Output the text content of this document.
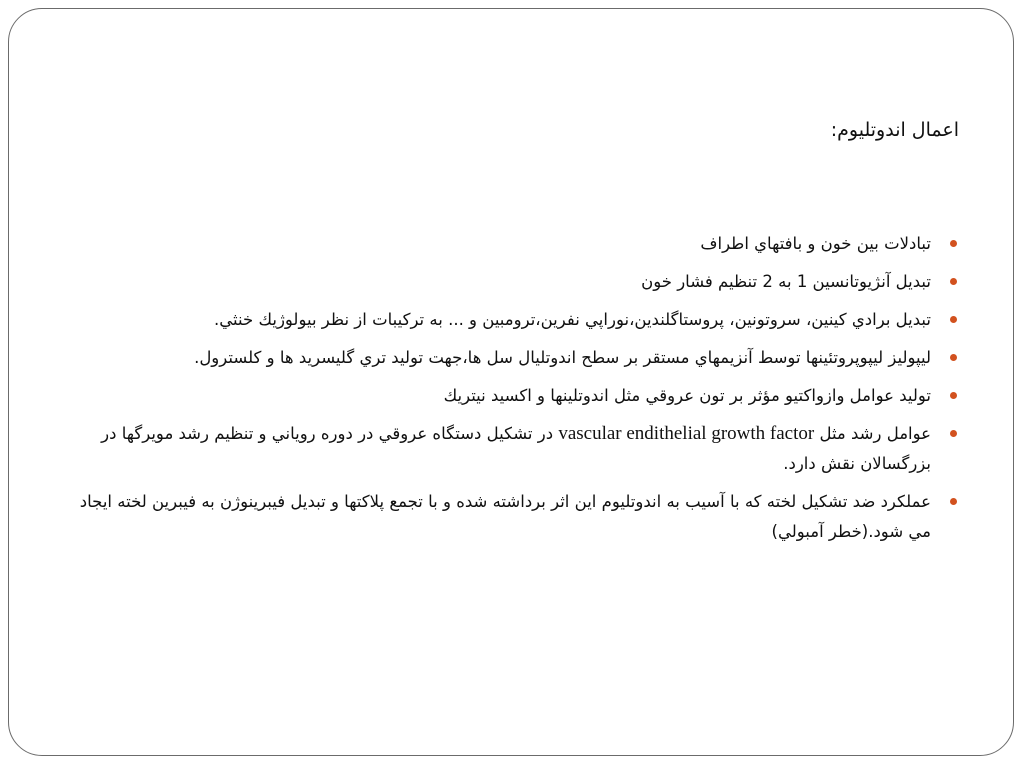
اعمال اندوتليوم:
تبادلات بين خون و بافتهاي اطراف
تبديل آنژيوتانسين 1 به 2 تنظيم فشار خون
تبديل برادي كينين، سروتونين، پروستاگلندين،نوراپي نفرين،ترومبين و ... به تركيبات از نظر بيولوژيك خنثي.
ليپوليز ليپوپروتئينها توسط آنزيمهاي مستقر بر سطح اندوتليال سل ها،جهت توليد تري گليسريد ها و كلسترول.
توليد عوامل وازواكتيو مؤثر بر تون عروقي مثل اندوتلينها و اكسيد نيتريك
عوامل رشد مثل vascular endithelial growth factor در تشكيل دستگاه عروقي در دوره روياني و تنظيم رشد مويرگها در بزرگسالان نقش دارد.
عملكرد ضد تشكيل لخته كه با آسيب به اندوتليوم اين اثر برداشته شده و با تجمع پلاكتها و تبديل فيبرينوژن به فيبرين لخته ايجاد مي شود.(خطر آمبولي)
